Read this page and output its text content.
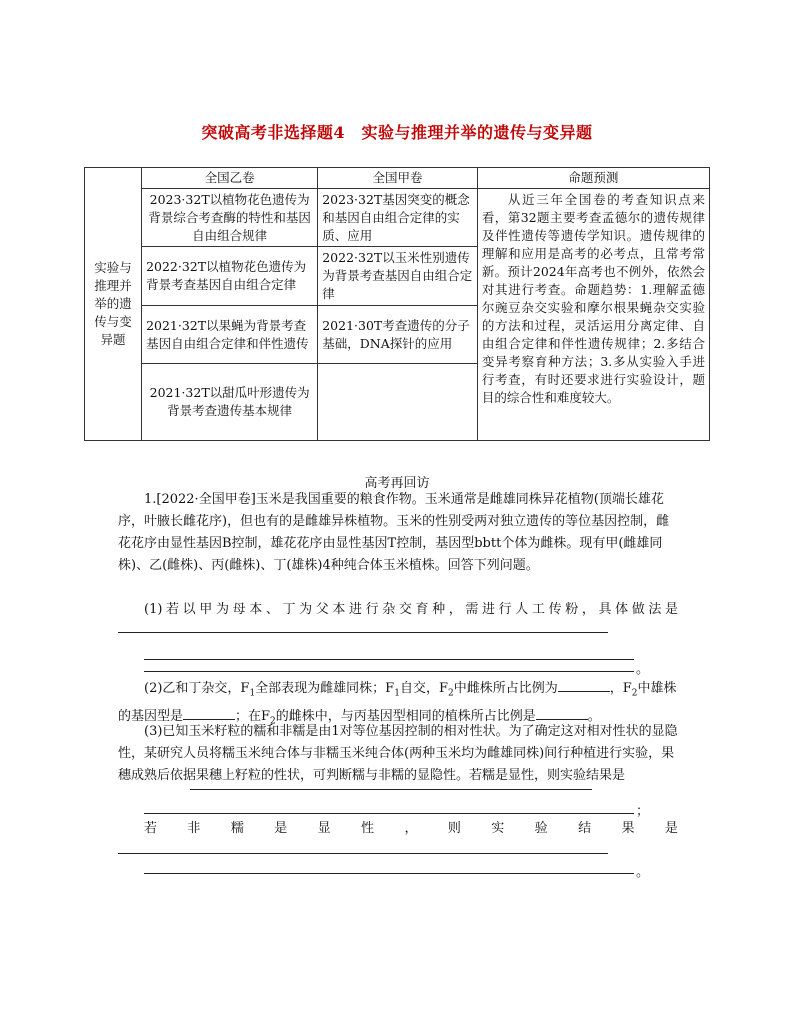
突破高考非选择题4　实验与推理并举的遗传与变异题
实验与推理并举的遗传与变异题	全国乙卷	全国甲卷	命题预测
	2023·32T以植物花色遗传为背景综合考查酶的特性和基因自由组合规律	2023·32T基因突变的概念和基因自由组合定律的实质、应用	从近三年全国卷的考查知识点来看，第32题主要考查孟德尔的遗传规律及伴性遗传等遗传学知识。遗传规律的理解和应用是高考的必考点，且常考常新。预计2024年高考也不例外，依然会对其进行考查。命题趋势：1.理解孟德尔豌豆杂交实验和摩尔根果蝇杂交实验的方法和过程，灵活运用分离定律、自由组合定律和伴性遗传规律；2.多结合变异考察育种方法；3.多从实验入手进行考查，有时还要求进行实验设计，题目的综合性和难度较大。

	2022·32T以植物花色遗传为背景考查基因自由组合定律	2022·32T以玉米性别遗传为背景考查基因自由组合定律	
	2021·32T以果蝇为背景考查基因自由组合定律和伴性遗传	2021·30T考查遗传的分子基础，DNA探针的应用	
	2021·32T以甜瓜叶形遗传为背景考查遗传基本规律		
高考再回访
1.[2022·全国甲卷]玉米是我国重要的粮食作物。玉米通常是雌雄同株异花植物(顶端长雄花序，叶腋长雌花序)，但也有的是雌雄异株植物。玉米的性别受两对独立遗传的等位基因控制，雌花花序由显性基因B控制，雄花花序由显性基因T控制，基因型bbtt个体为雌株。现有甲(雌雄同株)、乙(雌株)、丙(雌株)、丁(雄株)4种纯合体玉米植株。回答下列问题。
(1)若以甲为母本、丁为父本进行杂交育种，需进行人工传粉，具体做法是
。
(2)乙和丁杂交，$F_1$全部表现为雌雄同株；$F_1$自交，$F_2$中雌株所占比例为	，$F_2$中雄株的基因型是	；在$F_2$的雌株中，与丙基因型相同的植株所占比例是	。
(3)已知玉米籽粒的糯和非糯是由1对等位基因控制的相对性状。为了确定这对相对性状的显隐性，某研究人员将糯玉米纯合体与非糯玉米纯合体(两种玉米均为雌雄同株)间行种植进行实验，果穗成熟后依据果穗上籽粒的性状，可判断糯与非糯的显隐性。若糯是显性，则实验结果是
；
若 非 糯 是 显 性 ， 则 实 验 结 果 是
。
